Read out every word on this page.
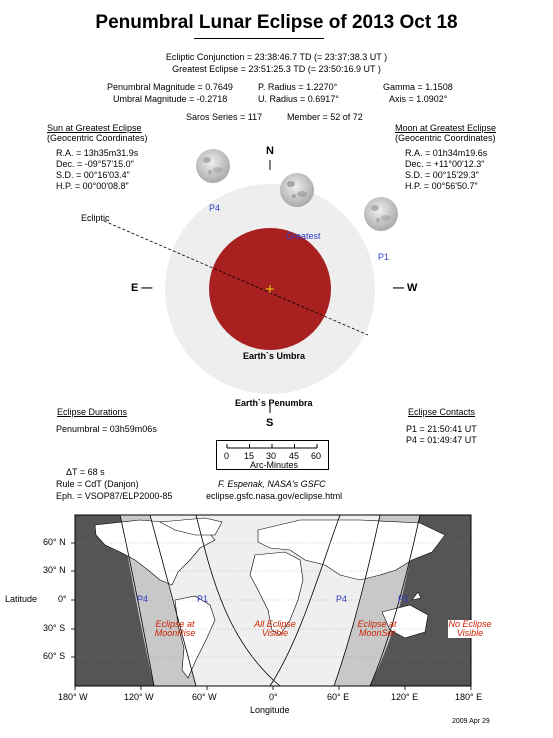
Penumbral Lunar Eclipse of 2013 Oct 18
Ecliptic Conjunction = 23:38:46.7 TD (= 23:37:38.3 UT )
Greatest Eclipse = 23:51:25.3 TD (= 23:50:16.9 UT )
Penumbral Magnitude = 0.7649	P. Radius = 1.2270°	Gamma = 1.1508
Umbral Magnitude = -0.2718	U. Radius = 0.6917°	Axis = 1.0902°
Saros Series = 117	Member = 52 of 72
Sun at Greatest Eclipse
(Geocentric Coordinates)
R.A. = 13h35m31.9s
Dec. = -09°57'15.0"
S.D. = 00°16'03.4"
H.P. = 00°00'08.8"
Moon at Greatest Eclipse
(Geocentric Coordinates)
R.A. = 01h34m19.6s
Dec. = +11°00'12.3"
S.D. = 00°15'29.3"
H.P. = 00°56'50.7"
N
S
E —	— W
Ecliptic
Greatest
P4
P1
Earth`s Umbra
Earth`s Penumbra
Eclipse Durations
Penumbral = 03h59m06s
Eclipse Contacts
P1 = 21:50:41 UT
P4 = 01:49:47 UT
0 15 30 45 60
Arc-Minutes
ΔT = 68 s
Rule = CdT (Danjon)
Eph. = VSOP87/ELP2000-85
F. Espenak, NASA's GSFC
eclipse.gsfc.nasa.gov/eclipse.html
60° N
30° N
0°
30° S
60° S
Latitude
180° W	120° W	60° W	0°	60° E	120° E	180° E
Longitude
Eclipse at MoonRise
All Eclipse Visible
Eclipse at MoonSet
No Eclipse Visible
P4	P1	P4	P1
2009 Apr 29
